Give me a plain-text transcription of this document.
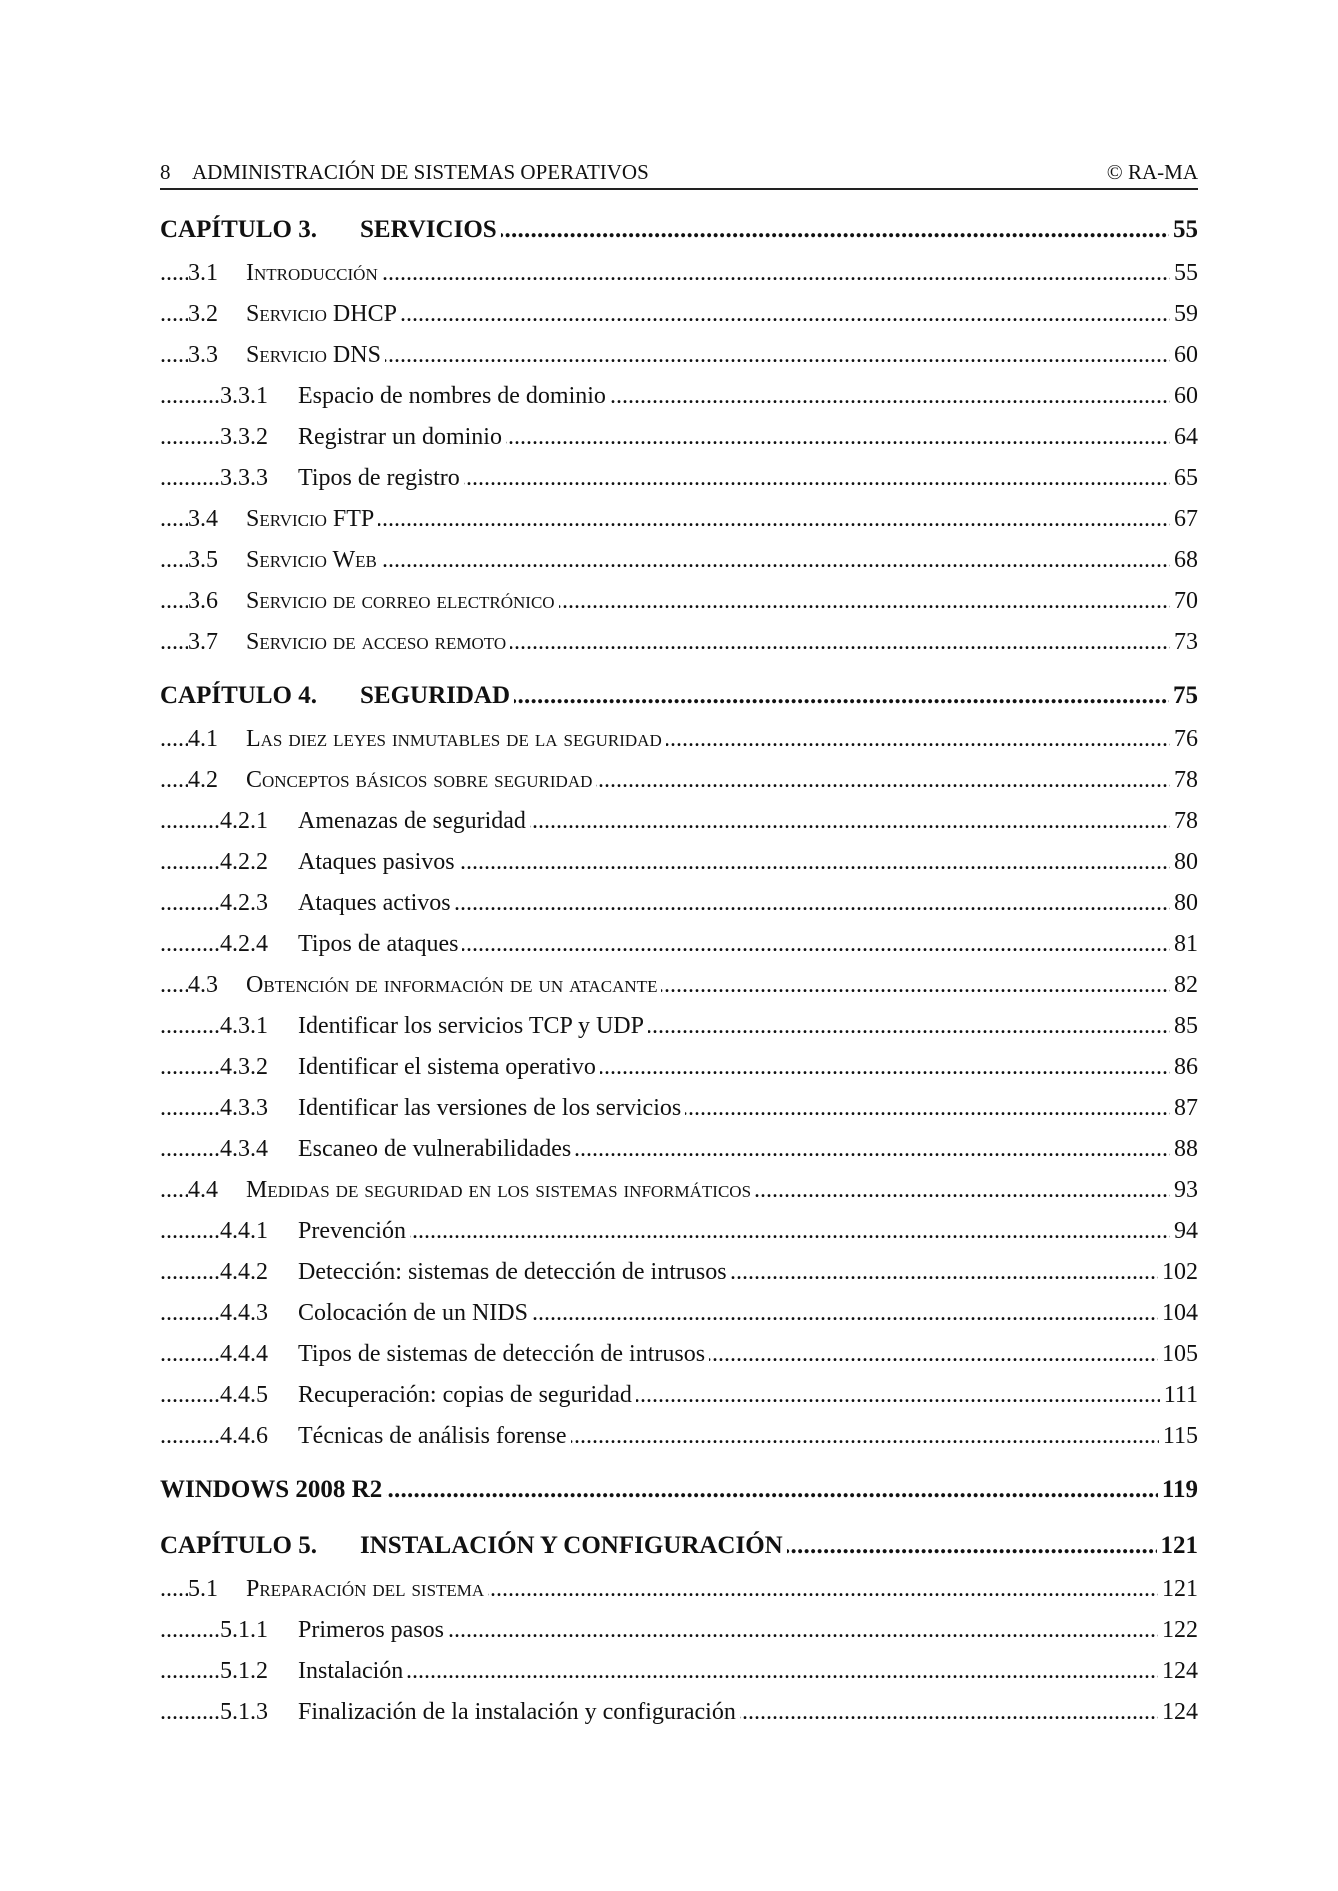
8 ADMINISTRACIÓN DE SISTEMAS OPERATIVOS	© RA-MA
. . .
CAPÍTULO 3. SERVICIOS	55
. . .
3.1 Introducción	55
. . .
3.2 Servicio DHCP	59
. . .
3.3 Servicio DNS	60
. . .
3.3.1 Espacio de nombres de dominio	60
. . .
3.3.2 Registrar un dominio	64
. . .
3.3.3 Tipos de registro	65
. . .
3.4 Servicio FTP	67
. . .
3.5 Servicio Web	68
. . .
3.6 Servicio de correo electrónico	70
. . .
3.7 Servicio de acceso remoto	73
. . .
CAPÍTULO 4. SEGURIDAD	75
. . .
4.1 Las diez leyes inmutables de la seguridad	76
. . .
4.2 Conceptos básicos sobre seguridad	78
. . .
4.2.1 Amenazas de seguridad	78
. . .
4.2.2 Ataques pasivos	80
. . .
4.2.3 Ataques activos	80
. . .
4.2.4 Tipos de ataques	81
. . .
4.3 Obtención de información de un atacante	82
. . .
4.3.1 Identificar los servicios TCP y UDP	85
. . .
4.3.2 Identificar el sistema operativo	86
. . .
4.3.3 Identificar las versiones de los servicios	87
. . .
4.3.4 Escaneo de vulnerabilidades	88
. . .
4.4 Medidas de seguridad en los sistemas informáticos	93
. . .
4.4.1 Prevención	94
. . .
4.4.2 Detección: sistemas de detección de intrusos	102
. . .
4.4.3 Colocación de un NIDS	104
. . .
4.4.4 Tipos de sistemas de detección de intrusos	105
. . .
4.4.5 Recuperación: copias de seguridad	111
. . .
4.4.6 Técnicas de análisis forense	115
. . .
WINDOWS 2008 R2	119
. . .
CAPÍTULO 5. INSTALACIÓN Y CONFIGURACIÓN	121
. . .
5.1 Preparación del sistema	121
. . .
5.1.1 Primeros pasos	122
. . .
5.1.2 Instalación	124
. . .
5.1.3 Finalización de la instalación y configuración	124
